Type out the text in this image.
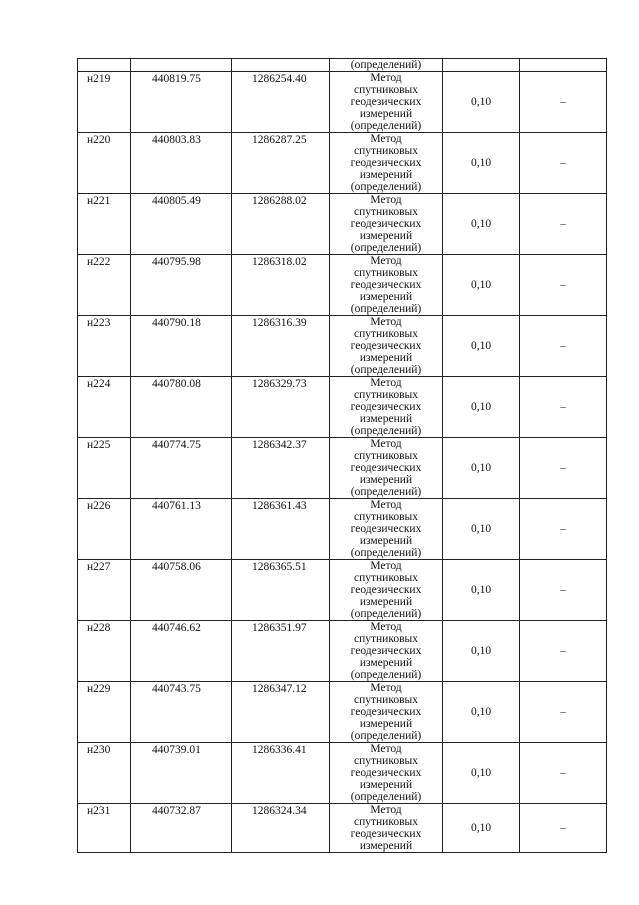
			(определений)		
н219	440819.75	1286254.40	Метод
спутниковых
геодезических
измерений
(определений)	0,10	–
н220	440803.83	1286287.25	Метод
спутниковых
геодезических
измерений
(определений)	0,10	–
н221	440805.49	1286288.02	Метод
спутниковых
геодезических
измерений
(определений)	0,10	–
н222	440795.98	1286318.02	Метод
спутниковых
геодезических
измерений
(определений)	0,10	–
н223	440790.18	1286316.39	Метод
спутниковых
геодезических
измерений
(определений)	0,10	–
н224	440780.08	1286329.73	Метод
спутниковых
геодезических
измерений
(определений)	0,10	–
н225	440774.75	1286342.37	Метод
спутниковых
геодезических
измерений
(определений)	0,10	–
н226	440761.13	1286361.43	Метод
спутниковых
геодезических
измерений
(определений)	0,10	–
н227	440758.06	1286365.51	Метод
спутниковых
геодезических
измерений
(определений)	0,10	–
н228	440746.62	1286351.97	Метод
спутниковых
геодезических
измерений
(определений)	0,10	–
н229	440743.75	1286347.12	Метод
спутниковых
геодезических
измерений
(определений)	0,10	–
н230	440739.01	1286336.41	Метод
спутниковых
геодезических
измерений
(определений)	0,10	–
н231	440732.87	1286324.34	Метод
спутниковых
геодезических
измерений	0,10	–
